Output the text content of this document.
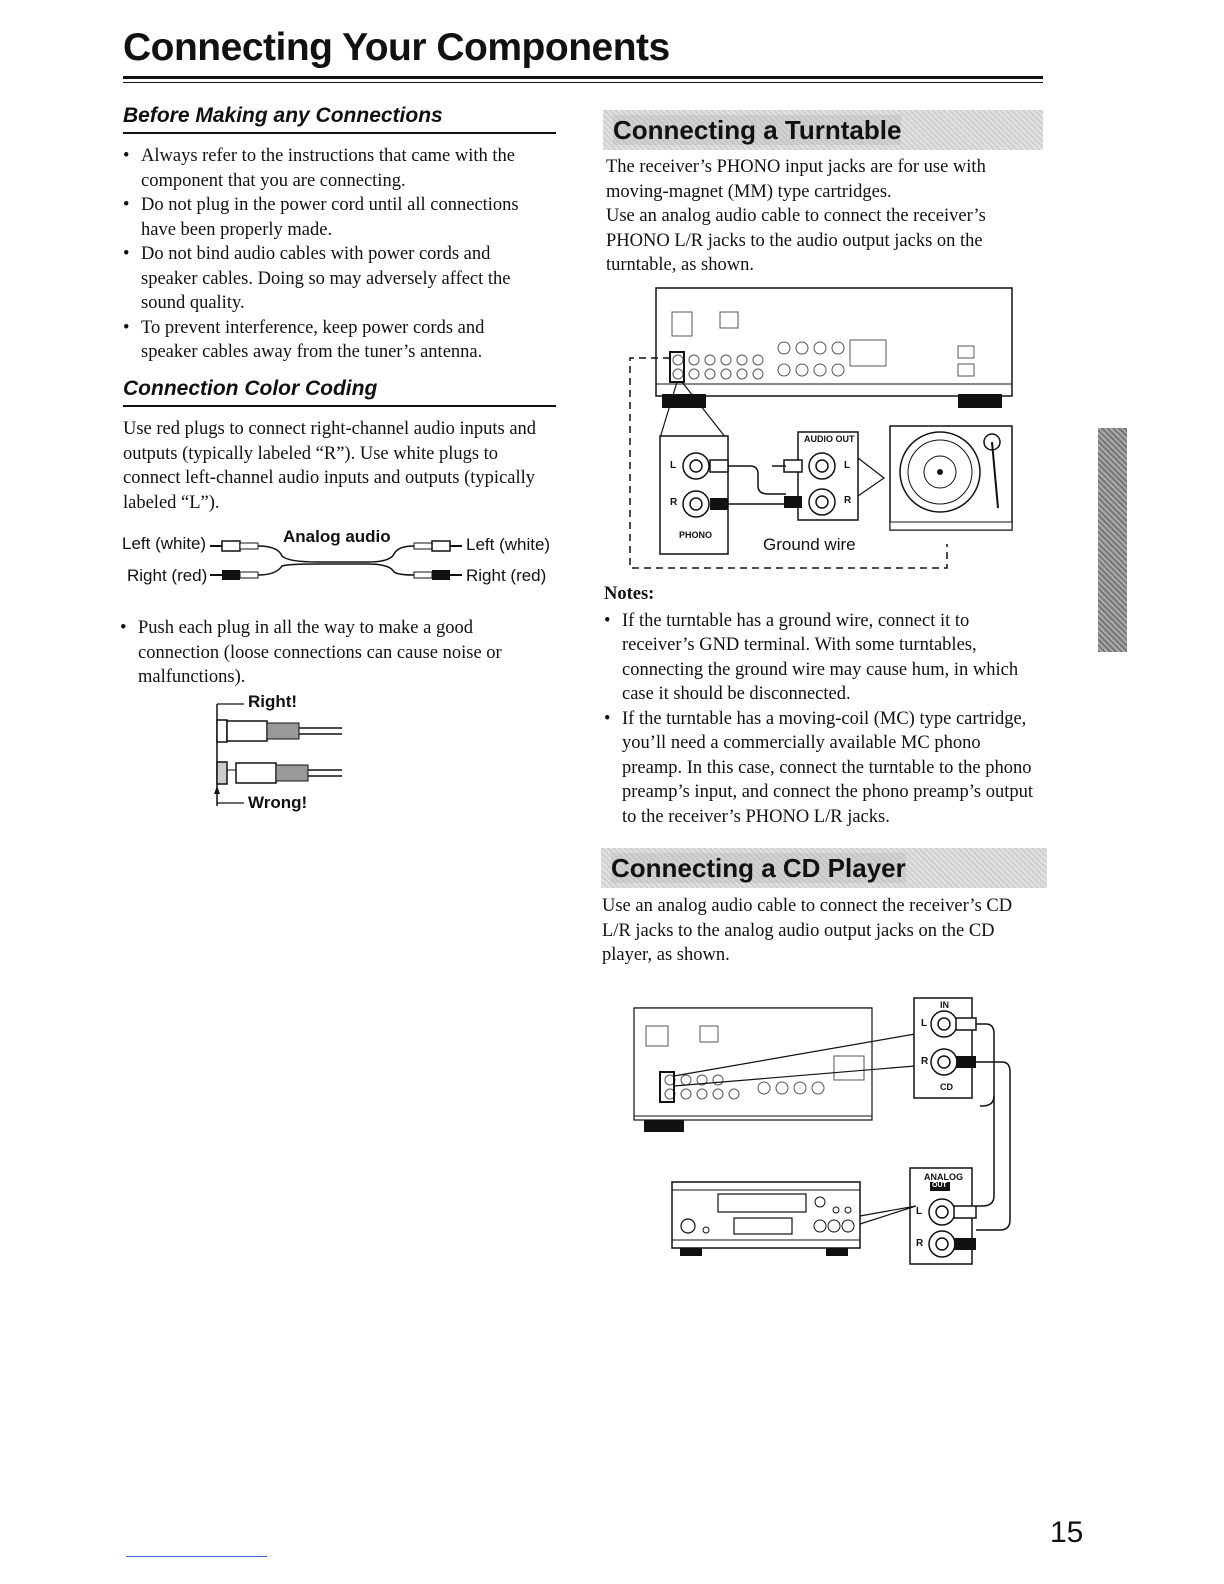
Connecting Your Components
Before Making any Connections
• Always refer to the instructions that came with the component that you are connecting.
• Do not plug in the power cord until all connections have been properly made.
• Do not bind audio cables with power cords and speaker cables. Doing so may adversely affect the sound quality.
• To prevent interference, keep power cords and speaker cables away from the tuner’s antenna.
Connection Color Coding

Use red plugs to connect right-channel audio inputs and outputs (typically labeled “R”). Use white plugs to connect left-channel audio inputs and outputs (typically labeled “L”).

Left (white)
Right (red)
Analog audio	Left (white)
Right (red)
• Push each plug in all the way to make a good connection (loose connections can cause noise or malfunctions).
Right!
Wrong!
Connecting a Turntable

The receiver’s PHONO input jacks are for use with moving-magnet (MM) type cartridges.

Use an analog audio cable to connect the receiver’s PHONO L/R jacks to the audio output jacks on the turntable, as shown.

AUDIO OUT
L
R
L
R
PHONO	Ground wire
Notes:
• If the turntable has a ground wire, connect it to receiver’s GND terminal. With some turntables, connecting the ground wire may cause hum, in which case it should be disconnected.
• If the turntable has a moving-coil (MC) type cartridge, you’ll need a commercially available MC phono preamp. In this case, connect the turntable to the phono preamp’s input, and connect the phono preamp’s output to the receiver’s PHONO L/R jacks.
Connecting a CD Player

Use an analog audio cable to connect the receiver’s CD L/R jacks to the analog audio output jacks on the CD player, as shown.

IN
L
R
CD
ANALOG
OUT
L
R
15
